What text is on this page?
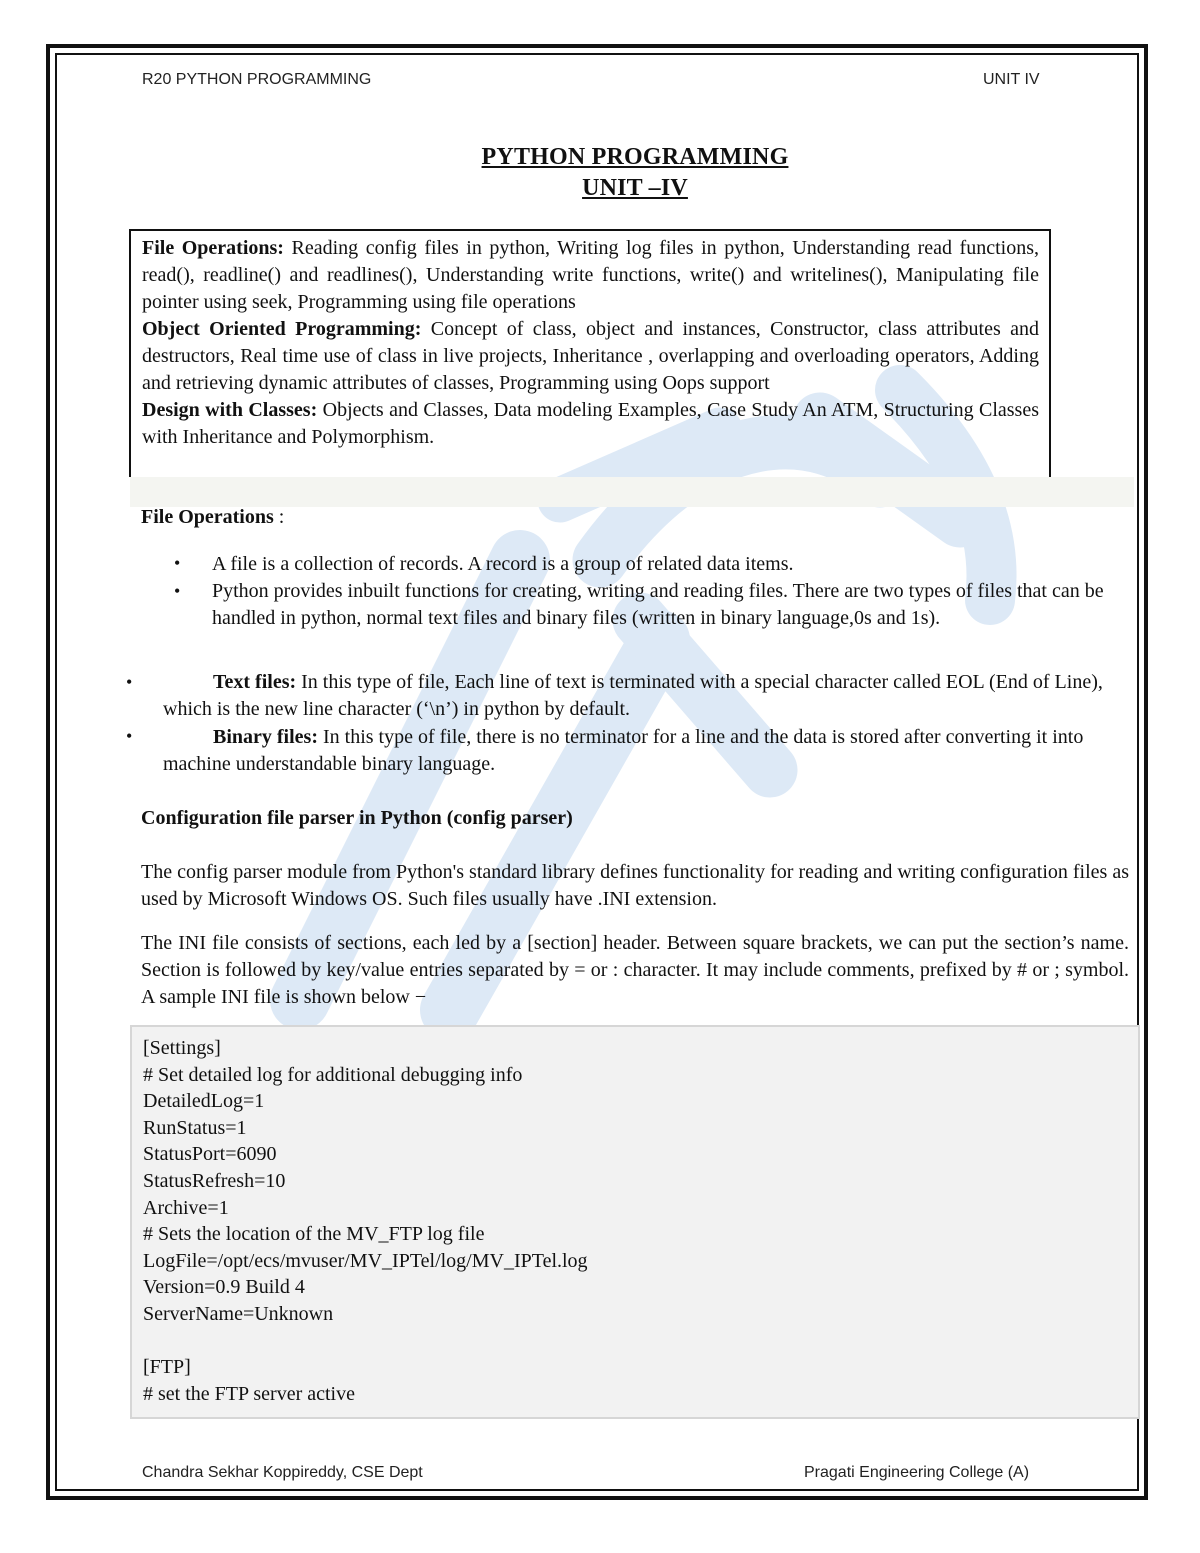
R20 PYTHON PROGRAMMING	UNIT IV
PYTHON PROGRAMMING
UNIT –IV

File Operations: Reading config files in python, Writing log files in python, Understanding read functions, read(), readline() and readlines(), Understanding write functions, write() and writelines(), Manipulating file pointer using seek, Programming using file operations

Object Oriented Programming: Concept of class, object and instances, Constructor, class attributes and destructors, Real time use of class in live projects, Inheritance , overlapping and overloading operators, Adding and retrieving dynamic attributes of classes, Programming using Oops support

Design with Classes: Objects and Classes, Data modeling Examples, Case Study An ATM, Structuring Classes with Inheritance and Polymorphism.

File Operations :
• A file is a collection of records. A record is a group of related data items.
• Python provides inbuilt functions for creating, writing and reading files. There are two types of files that can be handled in python, normal text files and binary files (written in binary language,0s and 1s).
•	Text files: In this type of file, Each line of text is terminated with a special character called EOL (End of Line), which is the new line character (‘\n’) in python by default.
•	Binary files: In this type of file, there is no terminator for a line and the data is stored after converting it into machine understandable binary language.
Configuration file parser in Python (config parser)

The config parser module from Python's standard library defines functionality for reading and writing configuration files as used by Microsoft Windows OS. Such files usually have .INI extension.

The INI file consists of sections, each led by a [section] header. Between square brackets, we can put the section’s name. Section is followed by key/value entries separated by = or : character. It may include comments, prefixed by # or ; symbol. A sample INI file is shown below −

[Settings]
# Set detailed log for additional debugging info
DetailedLog=1
RunStatus=1
StatusPort=6090
StatusRefresh=10
Archive=1
# Sets the location of the MV_FTP log file
LogFile=/opt/ecs/mvuser/MV_IPTel/log/MV_IPTel.log
Version=0.9 Build 4
ServerName=Unknown
[FTP]
# set the FTP server active
Chandra Sekhar Koppireddy, CSE Dept	Pragati Engineering College (A)
